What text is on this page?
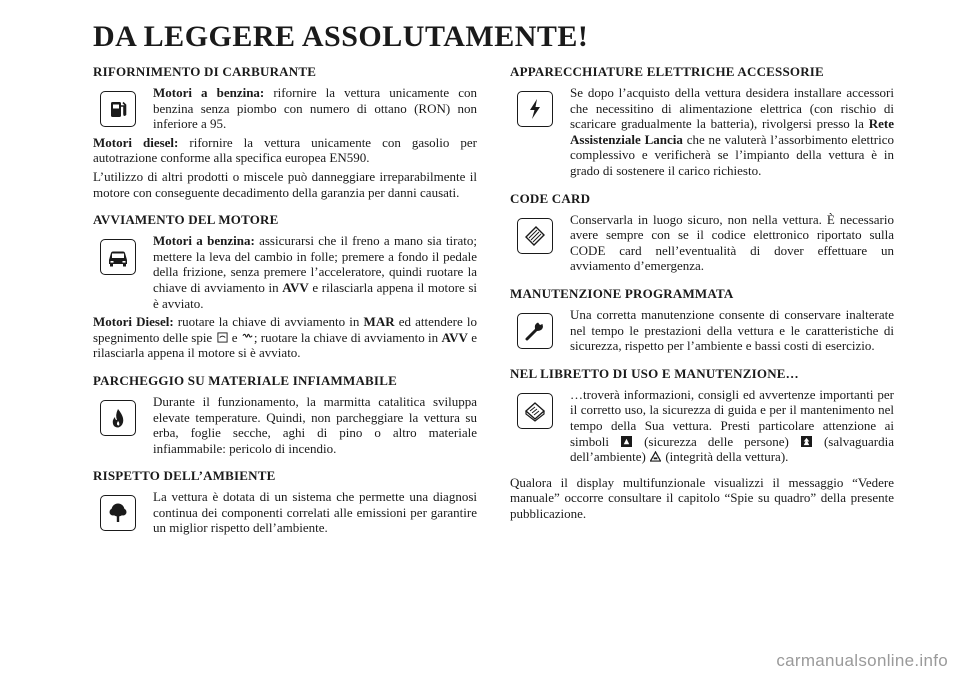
DA LEGGERE ASSOLUTAMENTE!
RIFORNIMENTO DI CARBURANTE

Motori a benzina: rifornire la vettura unicamente con benzina senza piombo con numero di ottano (RON) non inferiore a 95.

Motori diesel: rifornire la vettura unicamente con gasolio per autotrazione conforme alla specifica europea EN590.

L’utilizzo di altri prodotti o miscele può danneggiare irreparabilmente il motore con conseguente decadimento della garanzia per danni causati.

AVVIAMENTO DEL MOTORE

Motori a benzina: assicurarsi che il freno a mano sia tirato; mettere la leva del cambio in folle; premere a fondo il pedale della frizione, senza premere l’acceleratore, quindi ruotare la chiave di avviamento in AVV e rilasciarla appena il motore si è avviato.

Motori Diesel: ruotare la chiave di avviamento in MAR ed attendere lo spegnimento delle spie  e ; ruotare la chiave di avviamento in AVV e rilasciarla appena il motore si è avviato.

PARCHEGGIO SU MATERIALE INFIAMMABILE

Durante il funzionamento, la marmitta catalitica sviluppa elevate temperature. Quindi, non parcheggiare la vettura su erba, foglie secche, aghi di pino o altro materiale infiammabile: pericolo di incendio.

RISPETTO DELL’AMBIENTE

La vettura è dotata di un sistema che permette una diagnosi continua dei componenti correlati alle emissioni per garantire un miglior rispetto dell’ambiente.

APPARECCHIATURE ELETTRICHE ACCESSORIE

Se dopo l’acquisto della vettura desidera installare accessori che necessitino di alimentazione elettrica (con rischio di scaricare gradualmente la batteria), rivolgersi presso la Rete Assistenziale Lancia che ne valuterà l’assorbimento elettrico complessivo e verificherà se l’impianto della vettura è in grado di sostenere il carico richiesto.

CODE CARD

Conservarla in luogo sicuro, non nella vettura. È necessario avere sempre con se il codice elettronico riportato sulla CODE card nell’eventualità di dover effettuare un avviamento d’emergenza.

MANUTENZIONE PROGRAMMATA

Una corretta manutenzione consente di conservare inalterate nel tempo le prestazioni della vettura e le caratteristiche di sicurezza, rispetto per l’ambiente e bassi costi di esercizio.

NEL LIBRETTO DI USO E MANUTENZIONE…

…troverà informazioni, consigli ed avvertenze importanti per il corretto uso, la sicurezza di guida e per il mantenimento nel tempo della Sua vettura. Presti particolare attenzione ai simboli  (sicurezza delle persone)  (salvaguardia dell’ambiente)  (integrità della vettura).

Qualora il display multifunzionale visualizzi il messaggio “Vedere manuale” occorre consultare il capitolo “Spie su quadro” della presente pubblicazione.

carmanualsonline.info
